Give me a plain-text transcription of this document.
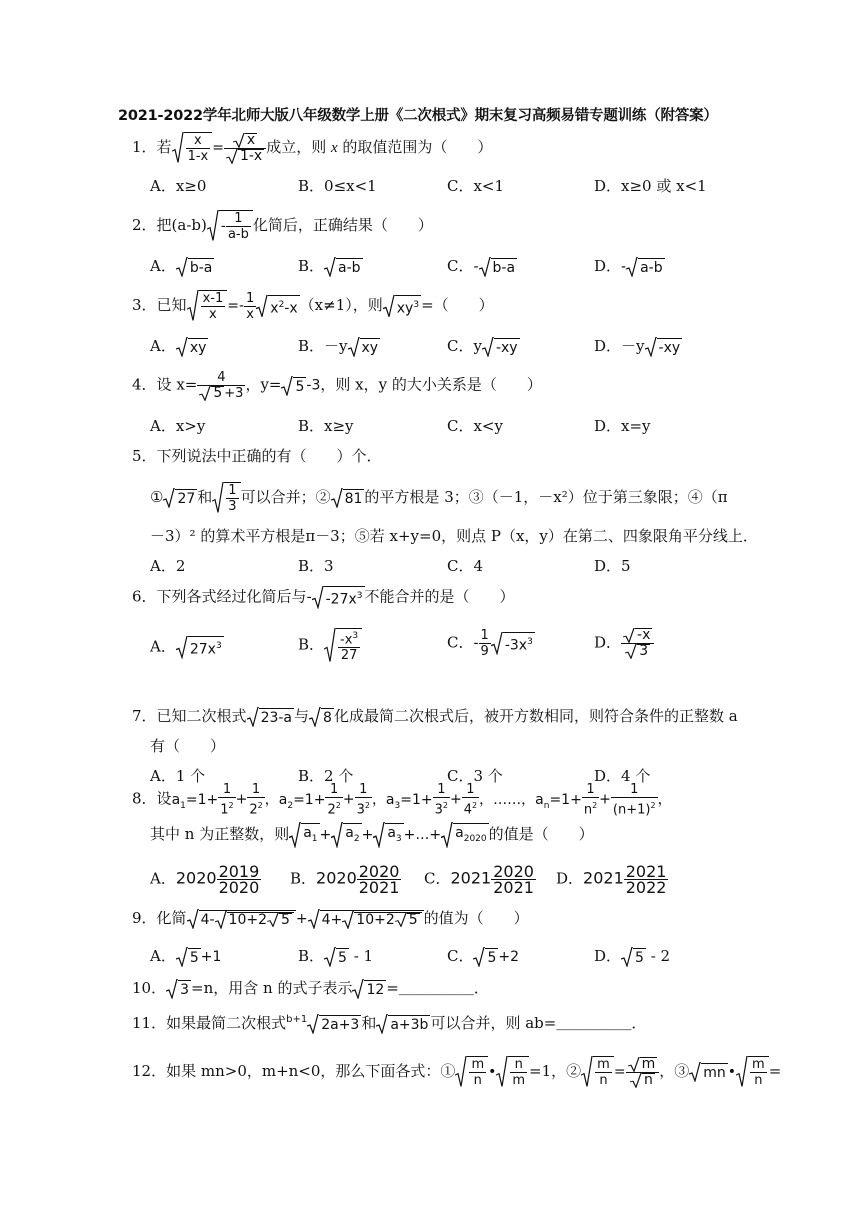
2021-2022学年北师大版八年级数学上册《二次根式》期末复习高频易错专题训练（附答案）
1．若 $\frac{x}{1-x} = \frac{x}{1-x}$ 成立，则 x 的取值范围为（　　）
A．x≥0	B．0≤x<1	C．x<1	D．x≥0 或 x<1
2．把$(a-b) - \frac{1}{a-b}$ 化简后，正确结果（　　）
A． b-a	B． a-b	C．- b-a	D．- a-b
3．已知 $\frac{x-1}{x} =- \frac{1}{x} x^2-x$ （x≠1），则 $xy^3$ =（　　）
A． xy	B．－y xy	C．y -xy	D．－y -xy
4．设 $x= \frac{4}{5 +3}$ ，y= 5 -3，则 x，y 的大小关系是（　　）
A．x>y	B．x≥y	C．x<y	D．x=y
5．下列说法中正确的有（　　）个．
① 27 和 $\frac{1}{3}$ 可以合并；② 81 的平方根是 3；③（－1，－x²）位于第三象限；④（π
－3）² 的算术平方根是π－3；⑤若 x+y=0，则点 P（x，y）在第二、四象限角平分线上．
A．2	B．3	C．4	D．5
6．下列各式经过化简后与- $-27x^3$ 不能合并的是（　　）
A． $27x^3$	B． $\frac{-x^3}{27}$	C．- $\frac{1}{9} -3x^3$	D． $\frac{-x}{3}$
7．已知二次根式 23-a 与 8 化成最简二次根式后，被开方数相同，则符合条件的正整数 a
有（　　）
A．1 个	B．2 个	C．3 个	D．4 个
8．设$a_1=1+ \frac{1}{1^2} + \frac{1}{2^2}$ ，$a_2=1+ \frac{1}{2^2} + \frac{1}{3^2}$ ，$a_3=1+ \frac{1}{3^2} + \frac{1}{4^2}$ ，……，$a_n=1+ \frac{1}{n^2} + \frac{1}{(n+1)^2}$ ，
其中 n 为正整数，则 $a_1 + a_2 + a_3$ +…+ $a_{2020}$ 的值是（　　）
A．$2020 \frac{2019}{2020}$ B．$2020 \frac{2020}{2021}$ C．$2021 \frac{2020}{2021}$ D．$2021 \frac{2021}{2022}$
9．化简 4- 10+2 5 + 4+ 10+2 5 的值为（　　）
A． 5 +1	B． 5 - 1	C． 5 +2	D． 5 - 2
10． 3 =n，用含 n 的式子表示 12 =＿＿＿＿＿．
11．如果最简二次根式$^{b+1}$ 2a+3 和 a+3b 可以合并，则 ab=＿＿＿＿＿．
12．如果 mn>0，m+n<0，那么下面各式：① $\frac{m}{n}$ • $\frac{n}{m} =1$，② $\frac{m}{n} = \frac{m}{n}$ ，③ mn • $\frac{m}{n}$ =
